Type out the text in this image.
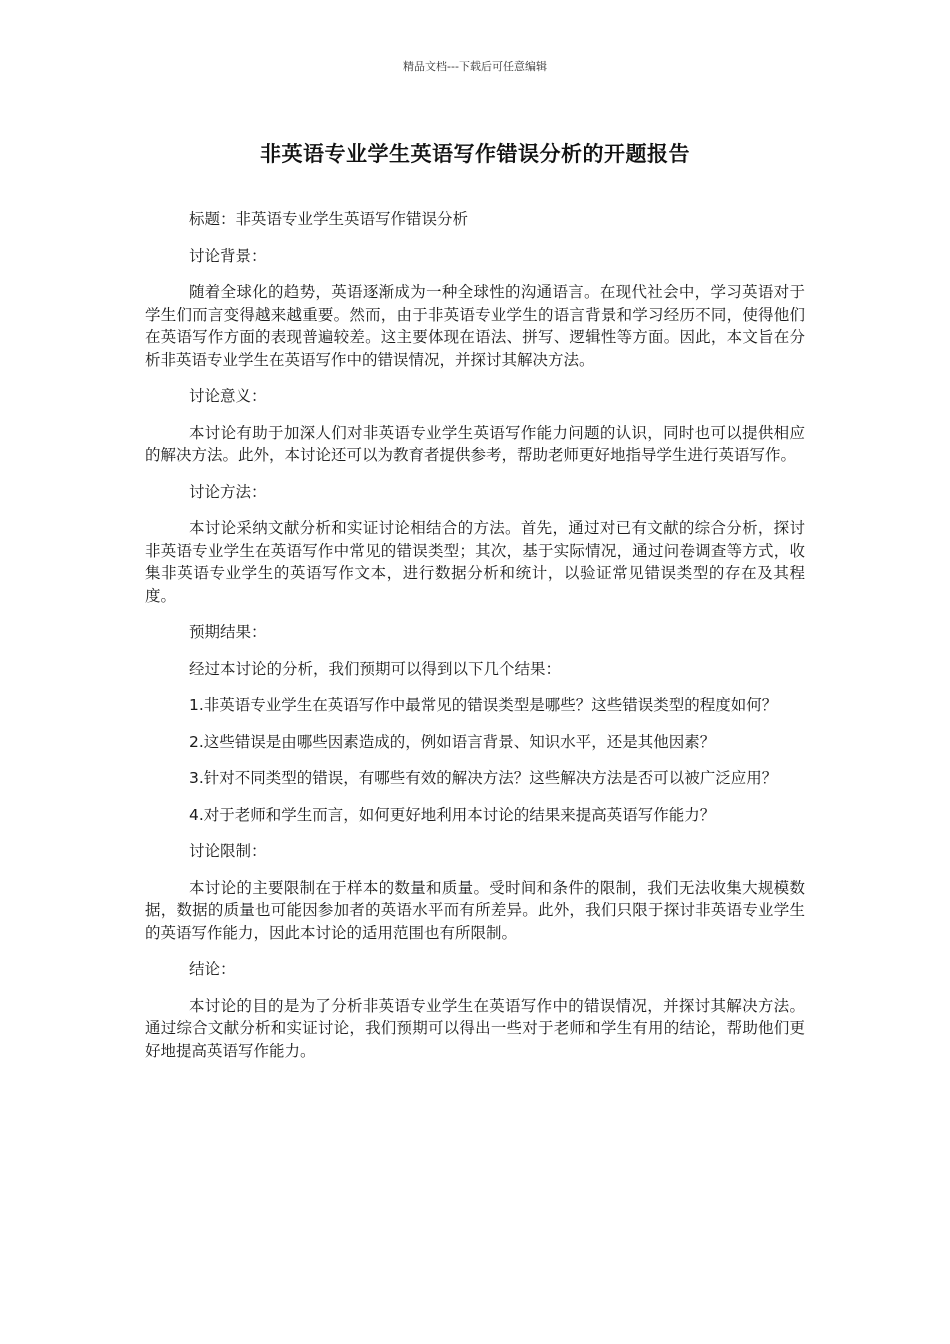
精品文档---下载后可任意编辑
非英语专业学生英语写作错误分析的开题报告

标题：非英语专业学生英语写作错误分析

讨论背景：

随着全球化的趋势，英语逐渐成为一种全球性的沟通语言。在现代社会中，学习英语对于学生们而言变得越来越重要。然而，由于非英语专业学生的语言背景和学习经历不同，使得他们在英语写作方面的表现普遍较差。这主要体现在语法、拼写、逻辑性等方面。因此，本文旨在分析非英语专业学生在英语写作中的错误情况，并探讨其解决方法。

讨论意义：

本讨论有助于加深人们对非英语专业学生英语写作能力问题的认识，同时也可以提供相应的解决方法。此外，本讨论还可以为教育者提供参考，帮助老师更好地指导学生进行英语写作。

讨论方法：

本讨论采纳文献分析和实证讨论相结合的方法。首先，通过对已有文献的综合分析，探讨非英语专业学生在英语写作中常见的错误类型；其次，基于实际情况，通过问卷调查等方式，收集非英语专业学生的英语写作文本，进行数据分析和统计，以验证常见错误类型的存在及其程度。

预期结果：

经过本讨论的分析，我们预期可以得到以下几个结果：

1.非英语专业学生在英语写作中最常见的错误类型是哪些？这些错误类型的程度如何？

2.这些错误是由哪些因素造成的，例如语言背景、知识水平，还是其他因素？

3.针对不同类型的错误，有哪些有效的解决方法？这些解决方法是否可以被广泛应用？

4.对于老师和学生而言，如何更好地利用本讨论的结果来提高英语写作能力？

讨论限制：

本讨论的主要限制在于样本的数量和质量。受时间和条件的限制，我们无法收集大规模数据，数据的质量也可能因参加者的英语水平而有所差异。此外，我们只限于探讨非英语专业学生的英语写作能力，因此本讨论的适用范围也有所限制。

结论：

本讨论的目的是为了分析非英语专业学生在英语写作中的错误情况，并探讨其解决方法。通过综合文献分析和实证讨论，我们预期可以得出一些对于老师和学生有用的结论，帮助他们更好地提高英语写作能力。
